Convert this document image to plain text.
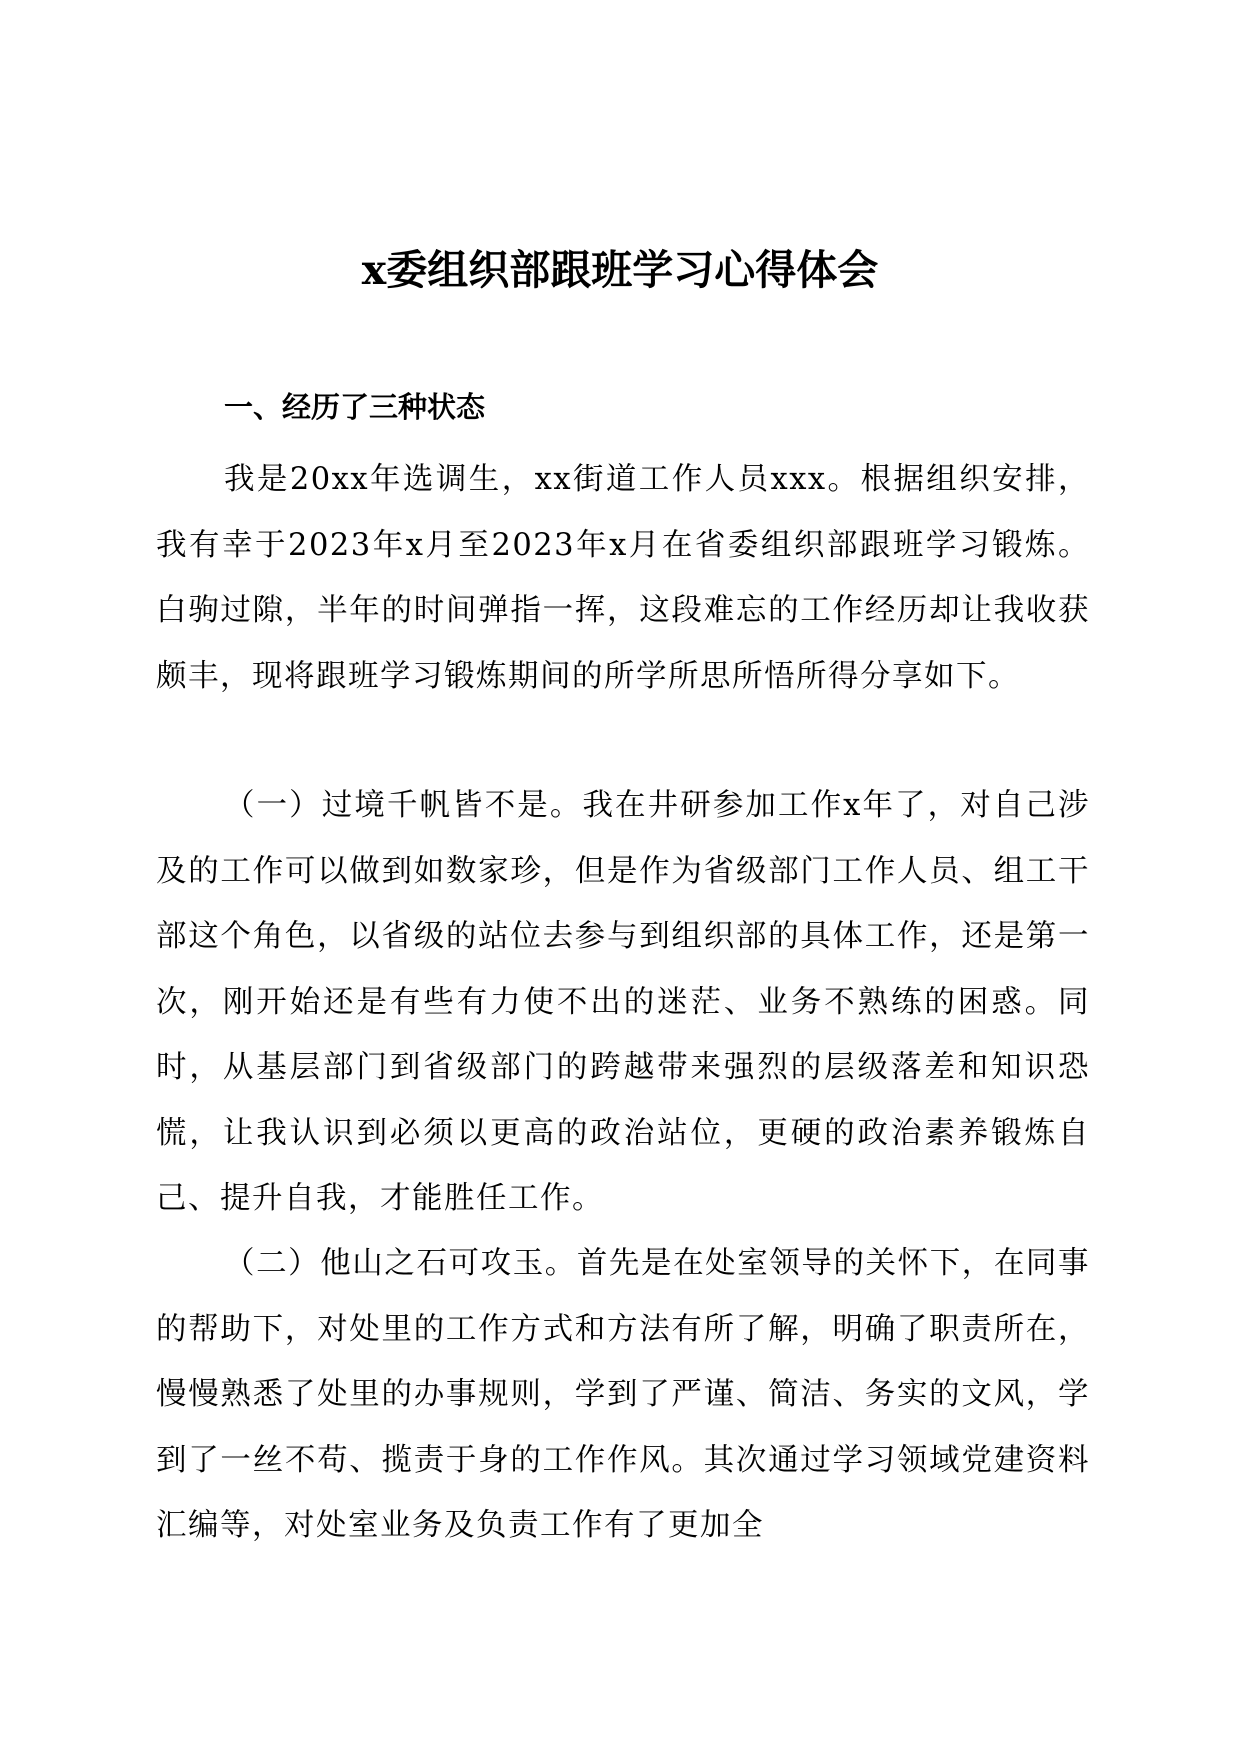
x委组织部跟班学习心得体会
一、经历了三种状态

我是20xx年选调生，xx街道工作人员xxx。根据组织安排，我有幸于2023年x月至2023年x月在省委组织部跟班学习锻炼。白驹过隙，半年的时间弹指一挥，这段难忘的工作经历却让我收获颇丰，现将跟班学习锻炼期间的所学所思所悟所得分享如下。

（一）过境千帆皆不是。我在井研参加工作x年了，对自己涉及的工作可以做到如数家珍，但是作为省级部门工作人员、组工干部这个角色，以省级的站位去参与到组织部的具体工作，还是第一次，刚开始还是有些有力使不出的迷茫、业务不熟练的困惑。同时，从基层部门到省级部门的跨越带来强烈的层级落差和知识恐慌，让我认识到必须以更高的政治站位，更硬的政治素养锻炼自己、提升自我，才能胜任工作。

（二）他山之石可攻玉。首先是在处室领导的关怀下，在同事的帮助下，对处里的工作方式和方法有所了解，明确了职责所在，慢慢熟悉了处里的办事规则，学到了严谨、简洁、务实的文风，学到了一丝不苟、揽责于身的工作作风。其次通过学习领域党建资料汇编等，对处室业务及负责工作有了更加全
